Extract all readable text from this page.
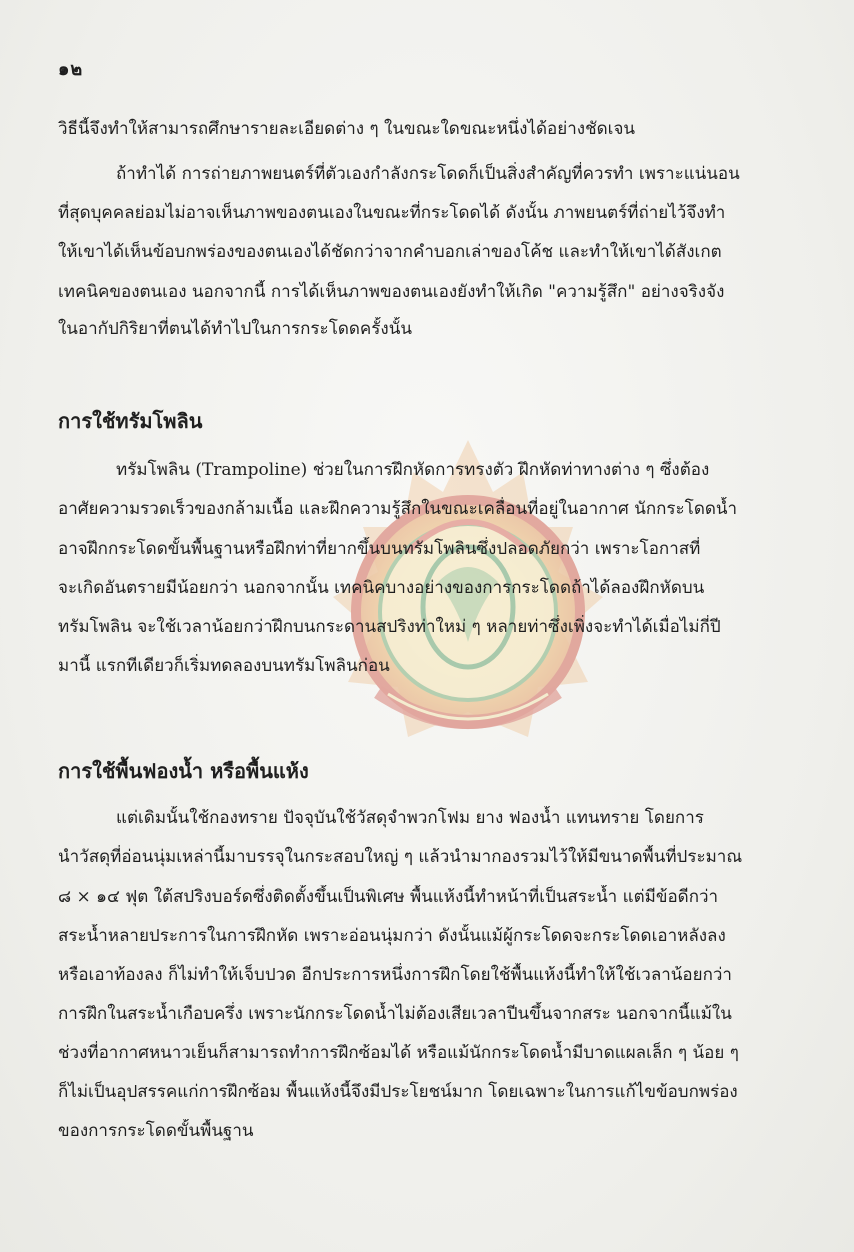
๑๒
วิธีนี้จึงทำให้สามารถศึกษารายละเอียดต่าง ๆ ในขณะใดขณะหนึ่งได้อย่างชัดเจน
ถ้าทำได้ การถ่ายภาพยนตร์ที่ตัวเองกำลังกระโดดก็เป็นสิ่งสำคัญที่ควรทำ เพราะแน่นอน
ที่สุดบุคคลย่อมไม่อาจเห็นภาพของตนเองในขณะที่กระโดดได้ ดังนั้น ภาพยนตร์ที่ถ่ายไว้จึงทำ
ให้เขาได้เห็นข้อบกพร่องของตนเองได้ชัดกว่าจากคำบอกเล่าของโค้ช และทำให้เขาได้สังเกต
เทคนิคของตนเอง นอกจากนี้ การได้เห็นภาพของตนเองยังทำให้เกิด "ความรู้สึก" อย่างจริงจัง
ในอากัปกิริยาที่ตนได้ทำไปในการกระโดดครั้งนั้น
การใช้ทรัมโพลิน
ทรัมโพลิน (Trampoline) ช่วยในการฝึกหัดการทรงตัว ฝึกหัดท่าทางต่าง ๆ ซึ่งต้อง
อาศัยความรวดเร็วของกล้ามเนื้อ และฝึกความรู้สึกในขณะเคลื่อนที่อยู่ในอากาศ นักกระโดดน้ำ
อาจฝึกกระโดดขั้นพื้นฐานหรือฝึกท่าที่ยากขึ้นบนทรัมโพลินซึ่งปลอดภัยกว่า เพราะโอกาสที่
จะเกิดอันตรายมีน้อยกว่า นอกจากนั้น เทคนิคบางอย่างของการกระโดดถ้าได้ลองฝึกหัดบน
ทรัมโพลิน จะใช้เวลาน้อยกว่าฝึกบนกระดานสปริงท่าใหม่ ๆ หลายท่าซึ่งเพิ่งจะทำได้เมื่อไม่กี่ปี
มานี้ แรกทีเดียวก็เริ่มทดลองบนทรัมโพลินก่อน
การใช้พื้นฟองน้ำ หรือพื้นแห้ง
แต่เดิมนั้นใช้กองทราย ปัจจุบันใช้วัสดุจำพวกโฟม ยาง ฟองน้ำ แทนทราย โดยการ
นำวัสดุที่อ่อนนุ่มเหล่านี้มาบรรจุในกระสอบใหญ่ ๆ แล้วนำมากองรวมไว้ให้มีขนาดพื้นที่ประมาณ
๘ × ๑๔ ฟุต ใต้สปริงบอร์ดซึ่งติดตั้งขึ้นเป็นพิเศษ พื้นแห้งนี้ทำหน้าที่เป็นสระน้ำ แต่มีข้อดีกว่า
สระน้ำหลายประการในการฝึกหัด เพราะอ่อนนุ่มกว่า ดังนั้นแม้ผู้กระโดดจะกระโดดเอาหลังลง
หรือเอาท้องลง ก็ไม่ทำให้เจ็บปวด อีกประการหนึ่งการฝึกโดยใช้พื้นแห้งนี้ทำให้ใช้เวลาน้อยกว่า
การฝึกในสระน้ำเกือบครึ่ง เพราะนักกระโดดน้ำไม่ต้องเสียเวลาปีนขึ้นจากสระ นอกจากนี้แม้ใน
ช่วงที่อากาศหนาวเย็นก็สามารถทำการฝึกซ้อมได้ หรือแม้นักกระโดดน้ำมีบาดแผลเล็ก ๆ น้อย ๆ
ก็ไม่เป็นอุปสรรคแก่การฝึกซ้อม พื้นแห้งนี้จึงมีประโยชน์มาก โดยเฉพาะในการแก้ไขข้อบกพร่อง
ของการกระโดดขั้นพื้นฐาน
